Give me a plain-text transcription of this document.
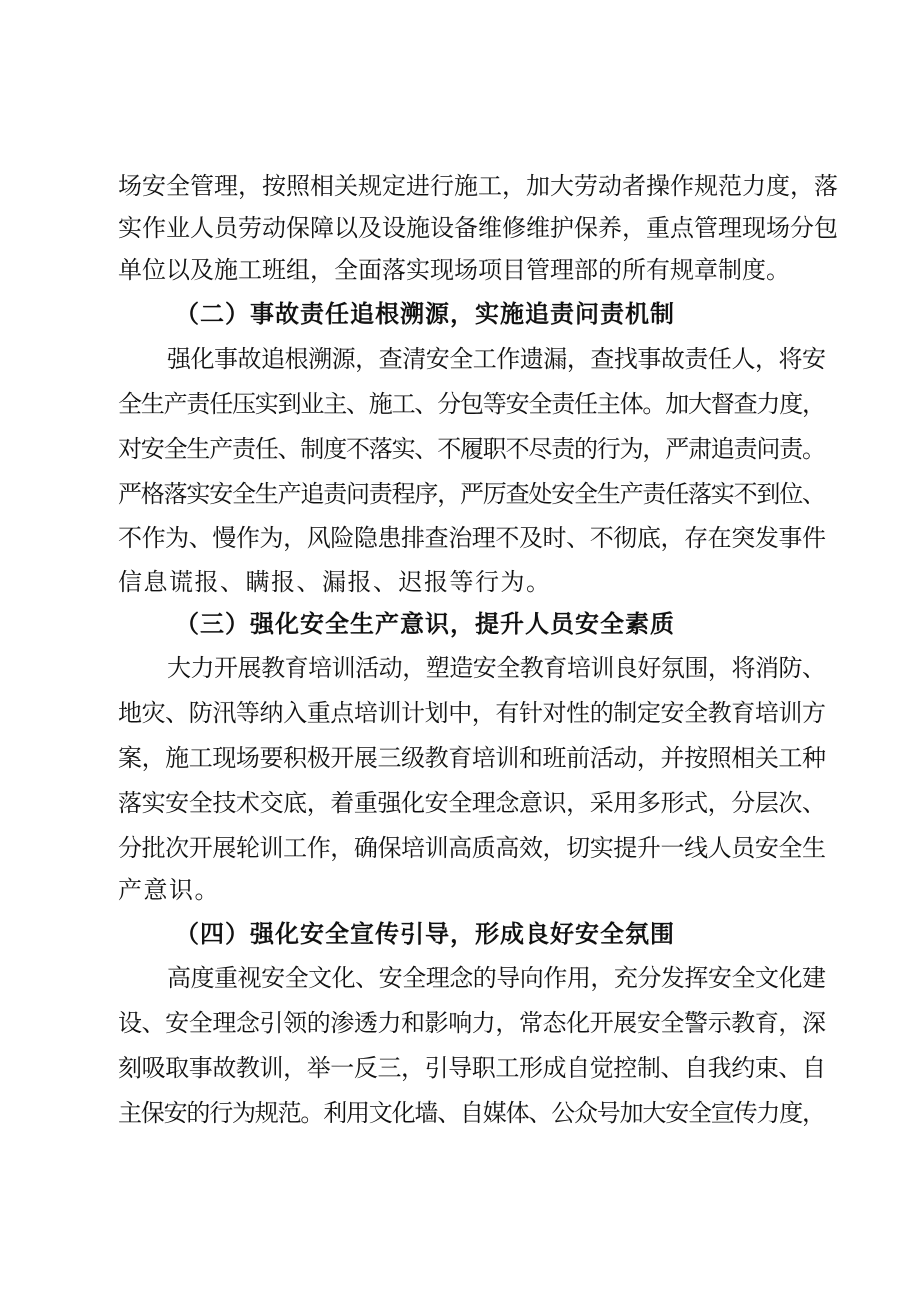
场安全管理，按照相关规定进行施工，加大劳动者操作规范力度，落
实作业人员劳动保障以及设施设备维修维护保养，重点管理现场分包
单位以及施工班组，全面落实现场项目管理部的所有规章制度。
（二）事故责任追根溯源，实施追责问责机制
强化事故追根溯源，查清安全工作遗漏，查找事故责任人，将安
全生产责任压实到业主、施工、分包等安全责任主体。加大督查力度，
对安全生产责任、制度不落实、不履职不尽责的行为，严肃追责问责。
严格落实安全生产追责问责程序，严厉查处安全生产责任落实不到位、
不作为、慢作为，风险隐患排查治理不及时、不彻底，存在突发事件
信息谎报、瞒报、漏报、迟报等行为。
（三）强化安全生产意识，提升人员安全素质
大力开展教育培训活动，塑造安全教育培训良好氛围，将消防、
地灾、防汛等纳入重点培训计划中，有针对性的制定安全教育培训方
案，施工现场要积极开展三级教育培训和班前活动，并按照相关工种
落实安全技术交底，着重强化安全理念意识，采用多形式，分层次、
分批次开展轮训工作，确保培训高质高效，切实提升一线人员安全生
产意识。
（四）强化安全宣传引导，形成良好安全氛围
高度重视安全文化、安全理念的导向作用，充分发挥安全文化建
设、安全理念引领的渗透力和影响力，常态化开展安全警示教育，深
刻吸取事故教训，举一反三，引导职工形成自觉控制、自我约束、自
主保安的行为规范。利用文化墙、自媒体、公众号加大安全宣传力度，
